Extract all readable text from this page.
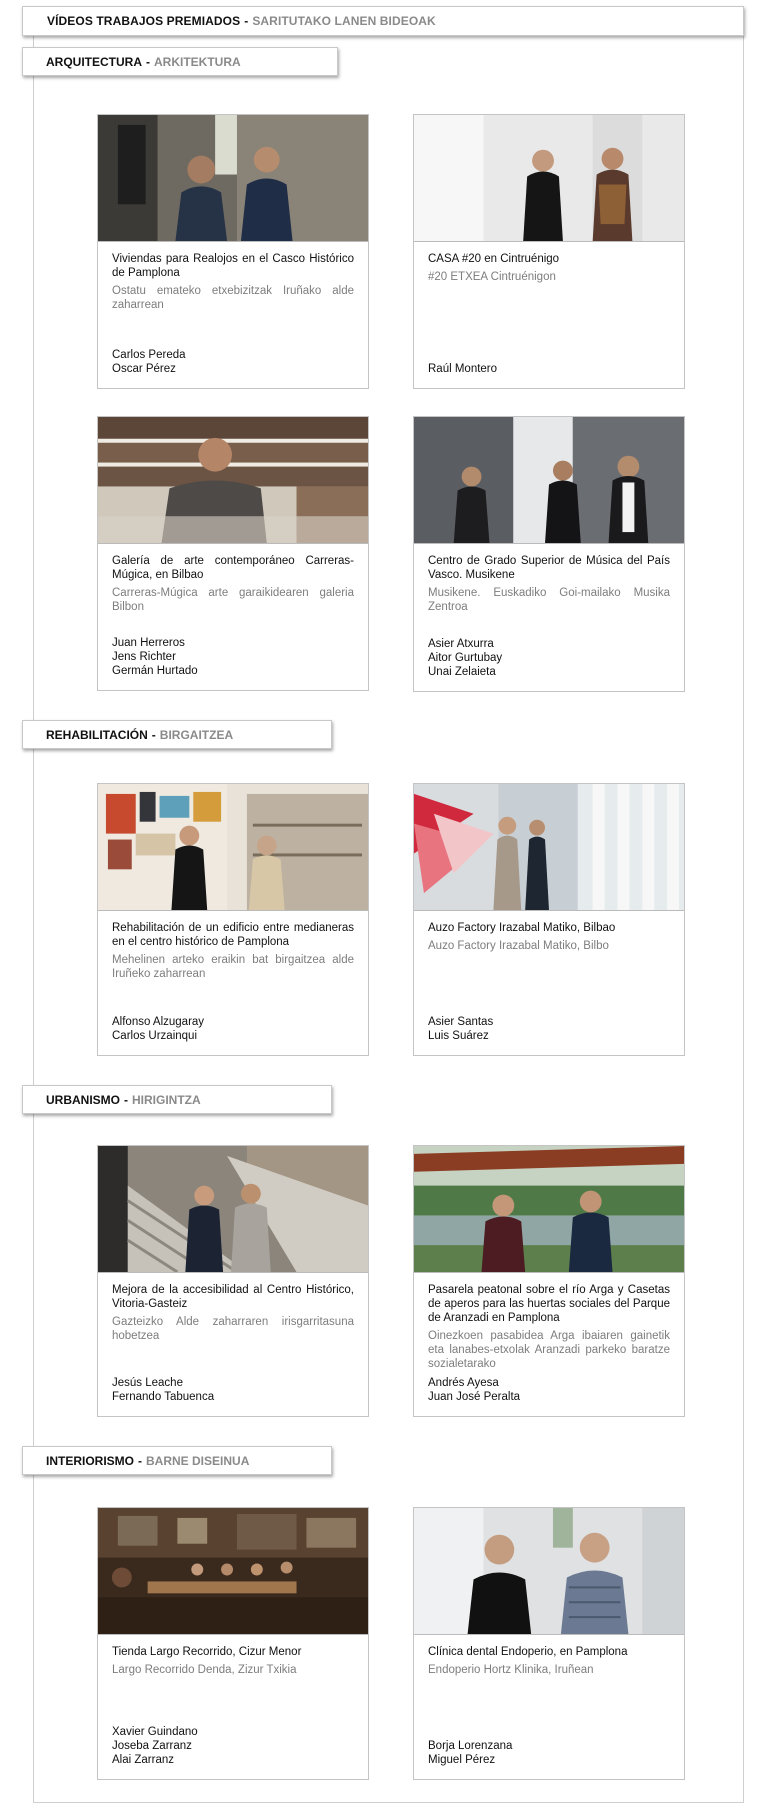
VÍDEOS TRABAJOS PREMIADOS - SARITUTAKO LANEN BIDEOAK
ARQUITECTURA - ARKITEKTURA
Viviendas para Realojos en el Casco Histórico de Pamplona
Ostatu emateko etxebizitzak Iruñako alde zaharrean
Carlos Pereda
Oscar Pérez
CASA #20 en Cintruénigo
#20 ETXEA Cintruénigon
Raúl Montero
Galería de arte contemporáneo Carreras-Múgica, en Bilbao
Carreras-Múgica arte garaikidearen galeria Bilbon
Juan Herreros
Jens Richter
Germán Hurtado
Centro de Grado Superior de Música del País Vasco. Musikene
Musikene. Euskadiko Goi-mailako Musika Zentroa
Asier Atxurra
Aitor Gurtubay
Unai Zelaieta
REHABILITACIÓN - BIRGAITZEA
Rehabilitación de un edificio entre medianeras en el centro histórico de Pamplona
Mehelinen arteko eraikin bat birgaitzea alde Iruñeko zaharrean
Alfonso Alzugaray
Carlos Urzainqui
Auzo Factory Irazabal Matiko, Bilbao
Auzo Factory Irazabal Matiko, Bilbo
Asier Santas
Luis Suárez
URBANISMO - HIRIGINTZA
Mejora de la accesibilidad al Centro Histórico, Vitoria-Gasteiz
Gazteizko Alde zaharraren irisgarritasuna hobetzea
Jesús Leache
Fernando Tabuenca
Pasarela peatonal sobre el río Arga y Casetas de aperos para las huertas sociales del Parque de Aranzadi en Pamplona
Oinezkoen pasabidea Arga ibaiaren gainetik eta lanabes-etxolak Aranzadi parkeko baratze sozialetarako
Andrés Ayesa
Juan José Peralta
INTERIORISMO - BARNE DISEINUA
Tienda Largo Recorrido, Cizur Menor
Largo Recorrido Denda, Zizur Txikia
Xavier Guindano
Joseba Zarranz
Alai Zarranz
Clínica dental Endoperio, en Pamplona
Endoperio Hortz Klinika, Iruñean
Borja Lorenzana
Miguel Pérez
